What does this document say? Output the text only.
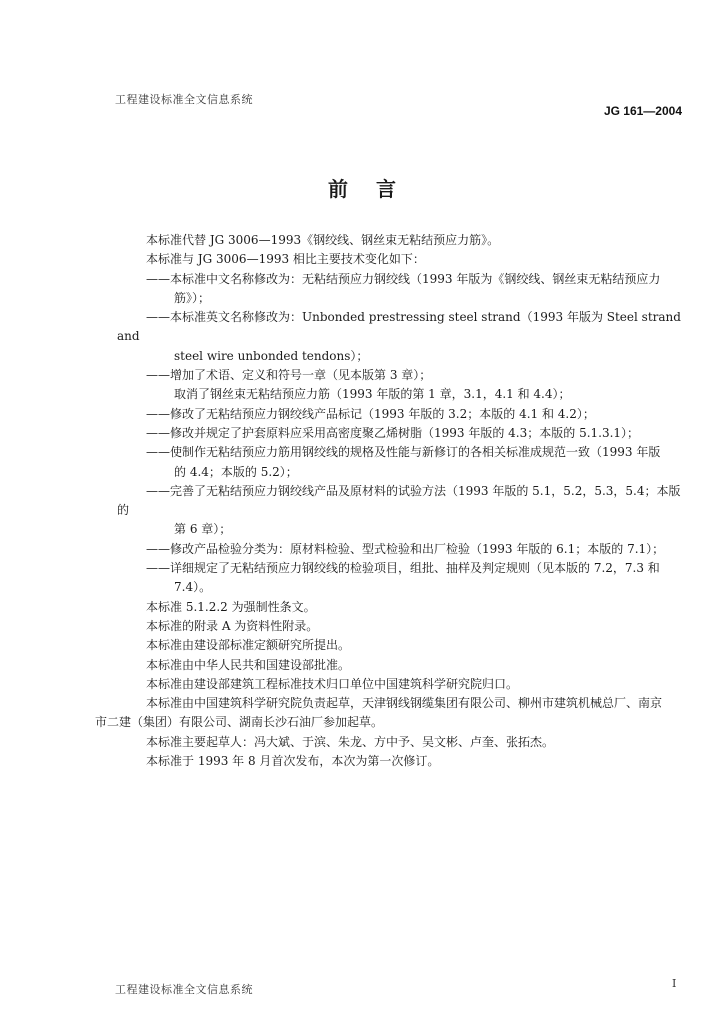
工程建设标准全文信息系统
JG 161—2004
前言

本标准代替 JG 3006—1993《钢绞线、钢丝束无粘结预应力筋》。

本标准与 JG 3006—1993 相比主要技术变化如下：

——本标准中文名称修改为：无粘结预应力钢绞线（1993 年版为《钢绞线、钢丝束无粘结预应力

筋》）；

——本标准英文名称修改为：Unbonded prestressing steel strand（1993 年版为 Steel strand and

steel wire unbonded tendons）；

——增加了术语、定义和符号一章（见本版第 3 章）；

取消了钢丝束无粘结预应力筋（1993 年版的第 1 章，3.1，4.1 和 4.4）；

——修改了无粘结预应力钢绞线产品标记（1993 年版的 3.2；本版的 4.1 和 4.2）；

——修改并规定了护套原料应采用高密度聚乙烯树脂（1993 年版的 4.3；本版的 5.1.3.1）；

——使制作无粘结预应力筋用钢绞线的规格及性能与新修订的各相关标准成规范一致（1993 年版

的 4.4；本版的 5.2）；

——完善了无粘结预应力钢绞线产品及原材料的试验方法（1993 年版的 5.1，5.2，5.3，5.4；本版的

第 6 章）；

——修改产品检验分类为：原材料检验、型式检验和出厂检验（1993 年版的 6.1；本版的 7.1）；

——详细规定了无粘结预应力钢绞线的检验项目，组批、抽样及判定规则（见本版的 7.2，7.3 和

7.4）。

本标准 5.1.2.2 为强制性条文。

本标准的附录 A 为资料性附录。

本标准由建设部标准定额研究所提出。

本标准由中华人民共和国建设部批准。

本标准由建设部建筑工程标准技术归口单位中国建筑科学研究院归口。

本标准由中国建筑科学研究院负责起草，天津钢线钢缆集团有限公司、柳州市建筑机械总厂、南京

市二建（集团）有限公司、湖南长沙石油厂参加起草。

本标准主要起草人：冯大斌、于滨、朱龙、方中予、吴文彬、卢奎、张拓杰。

本标准于 1993 年 8 月首次发布，本次为第一次修订。

工程建设标准全文信息系统	I
